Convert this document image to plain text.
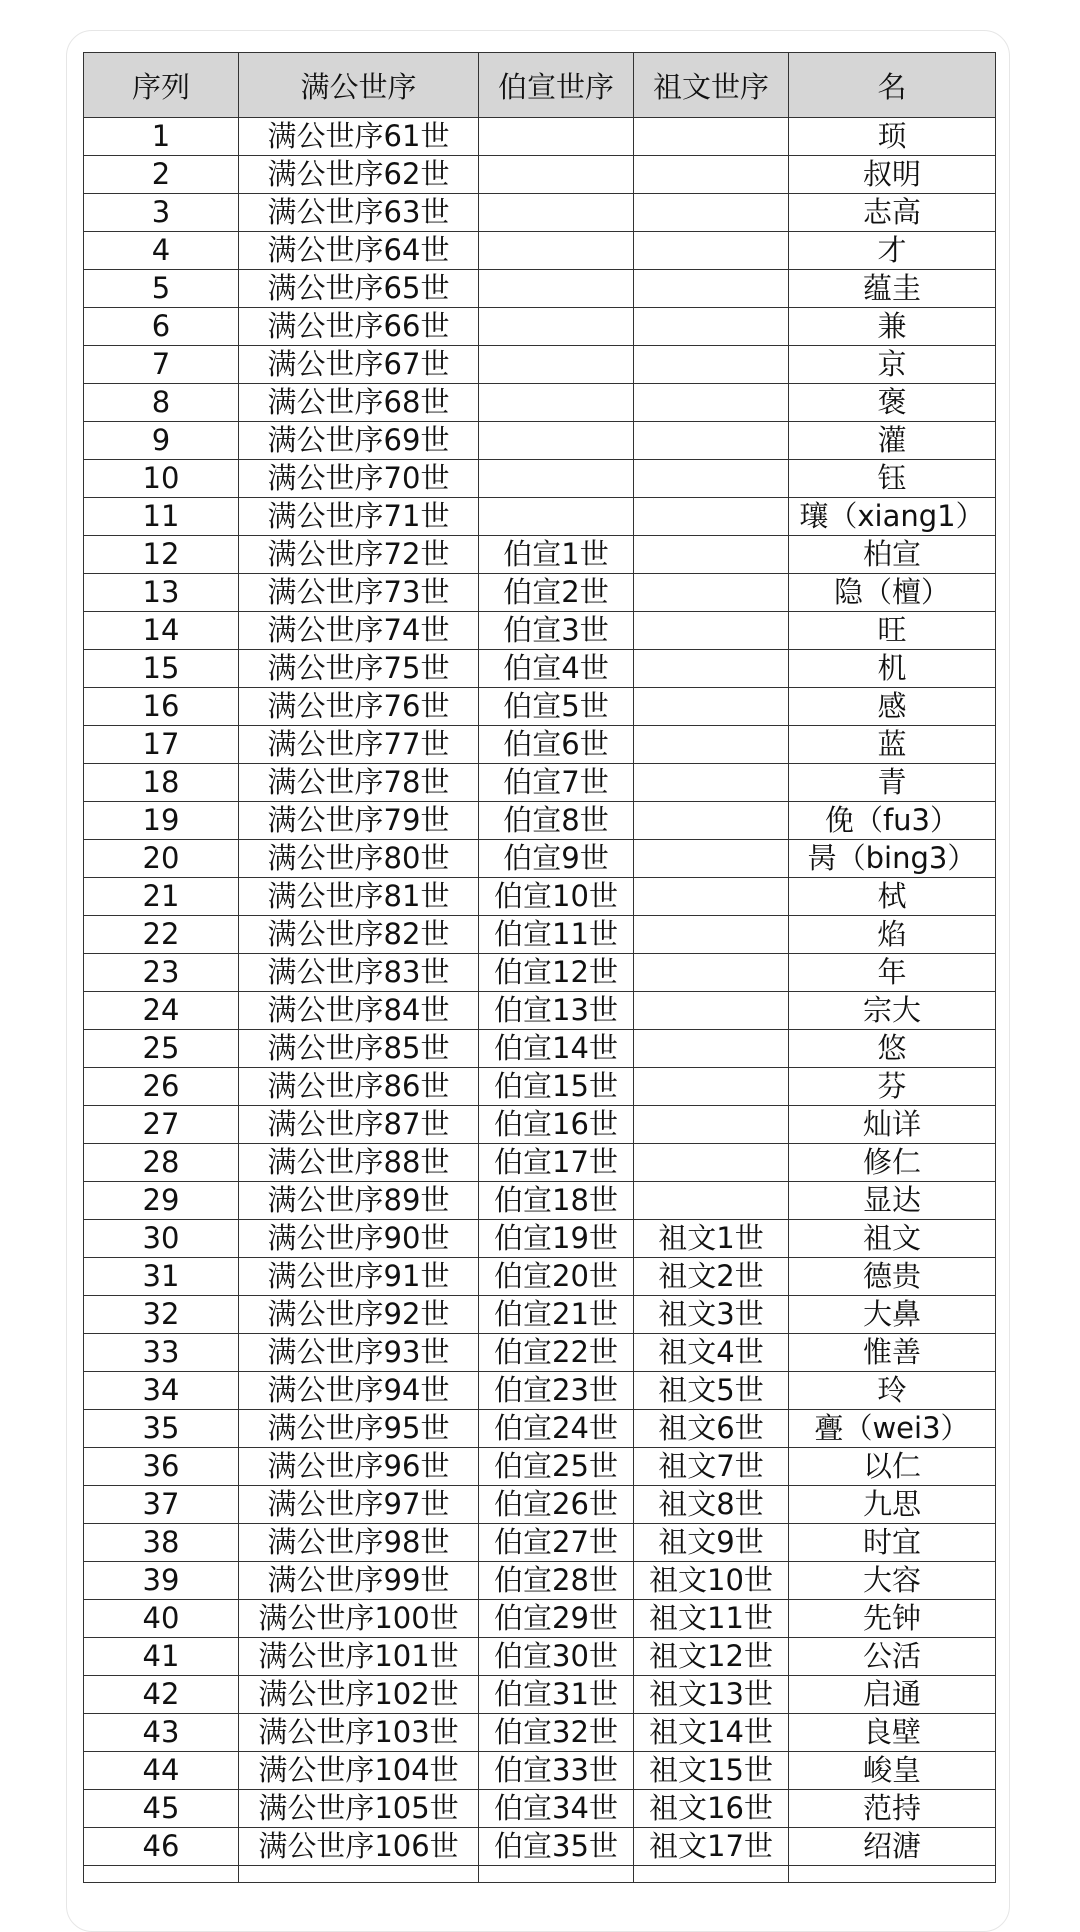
序列	满公世序	伯宣世序	祖文世序	名
1	满公世序61世			顼
2	满公世序62世			叔明
3	满公世序63世			志高
4	满公世序64世			才
5	满公世序65世			蕴圭
6	满公世序66世			兼
7	满公世序67世			京
8	满公世序68世			褒
9	满公世序69世			灌
10	满公世序70世			钰
11	满公世序71世			瓖（xiang1）
12	满公世序72世	伯宣1世		柏宣
13	满公世序73世	伯宣2世		隐（檀）
14	满公世序74世	伯宣3世		旺
15	满公世序75世	伯宣4世		机
16	满公世序76世	伯宣5世		感
17	满公世序77世	伯宣6世		蓝
18	满公世序78世	伯宣7世		青
19	满公世序79世	伯宣8世		俛（fu3）
20	满公世序80世	伯宣9世		昺（bing3）
21	满公世序81世	伯宣10世		栻
22	满公世序82世	伯宣11世		焰
23	满公世序83世	伯宣12世		年
24	满公世序84世	伯宣13世		宗大
25	满公世序85世	伯宣14世		悠
26	满公世序86世	伯宣15世		芬
27	满公世序87世	伯宣16世		灿详
28	满公世序88世	伯宣17世		修仁
29	满公世序89世	伯宣18世		显达
30	满公世序90世	伯宣19世	祖文1世	祖文
31	满公世序91世	伯宣20世	祖文2世	德贵
32	满公世序92世	伯宣21世	祖文3世	大鼻
33	满公世序93世	伯宣22世	祖文4世	惟善
34	满公世序94世	伯宣23世	祖文5世	玲
35	满公世序95世	伯宣24世	祖文6世	亹（wei3）
36	满公世序96世	伯宣25世	祖文7世	以仁
37	满公世序97世	伯宣26世	祖文8世	九思
38	满公世序98世	伯宣27世	祖文9世	时宜
39	满公世序99世	伯宣28世	祖文10世	大容
40	满公世序100世	伯宣29世	祖文11世	先钟
41	满公世序101世	伯宣30世	祖文12世	公活
42	满公世序102世	伯宣31世	祖文13世	启通
43	满公世序103世	伯宣32世	祖文14世	良壁
44	满公世序104世	伯宣33世	祖文15世	峻皇
45	满公世序105世	伯宣34世	祖文16世	范持
46	满公世序106世	伯宣35世	祖文17世	绍溏
